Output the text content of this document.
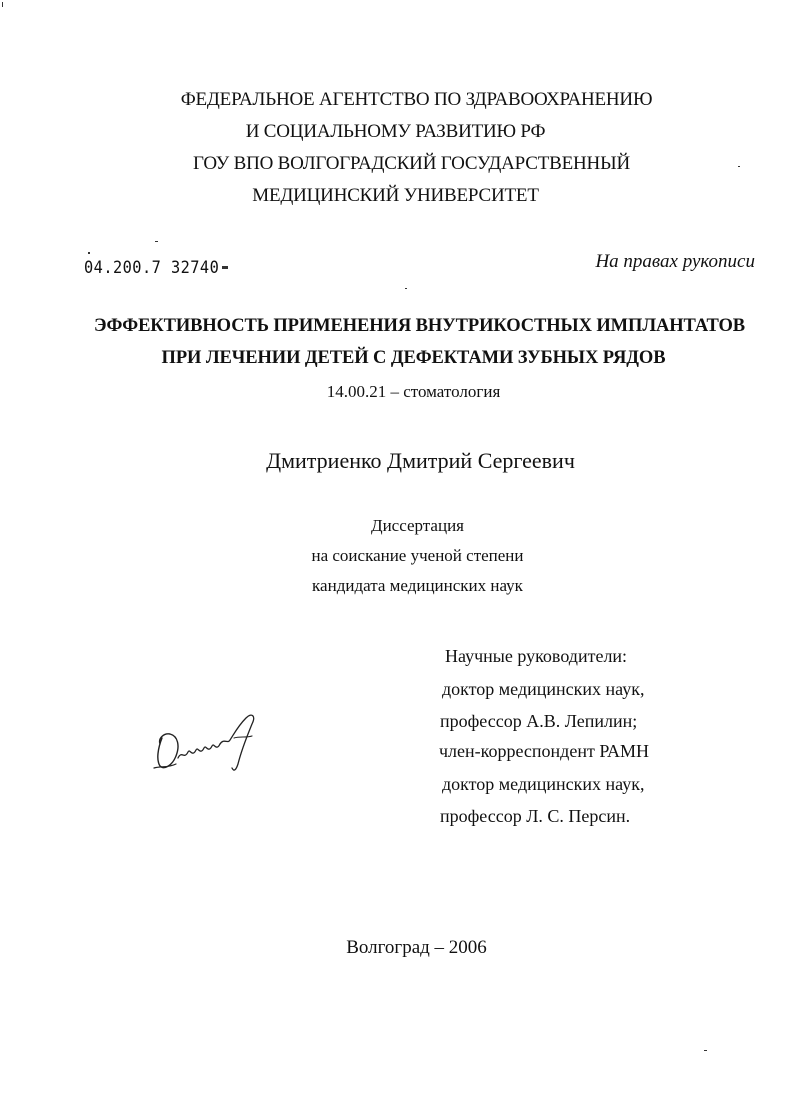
ФЕДЕРАЛЬНОЕ АГЕНТСТВО ПО ЗДРАВООХРАНЕНИЮ
И СОЦИАЛЬНОМУ РАЗВИТИЮ РФ
ГОУ ВПО ВОЛГОГРАДСКИЙ ГОСУДАРСТВЕННЫЙ
МЕДИЦИНСКИЙ УНИВЕРСИТЕТ
04.200.7 32740	На правах рукописи
ЭФФЕКТИВНОСТЬ ПРИМЕНЕНИЯ ВНУТРИКОСТНЫХ ИМПЛАНТАТОВ
ПРИ ЛЕЧЕНИИ ДЕТЕЙ С ДЕФЕКТАМИ ЗУБНЫХ РЯДОВ
14.00.21 – стоматология
Дмитриенко Дмитрий Сергеевич
Диссертация
на соискание ученой степени
кандидата медицинских наук
Научные руководители:
доктор медицинских наук,
профессор А.В. Лепилин;
член-корреспондент РАМН
доктор медицинских наук,
профессор Л. С. Персин.
Волгоград – 2006
